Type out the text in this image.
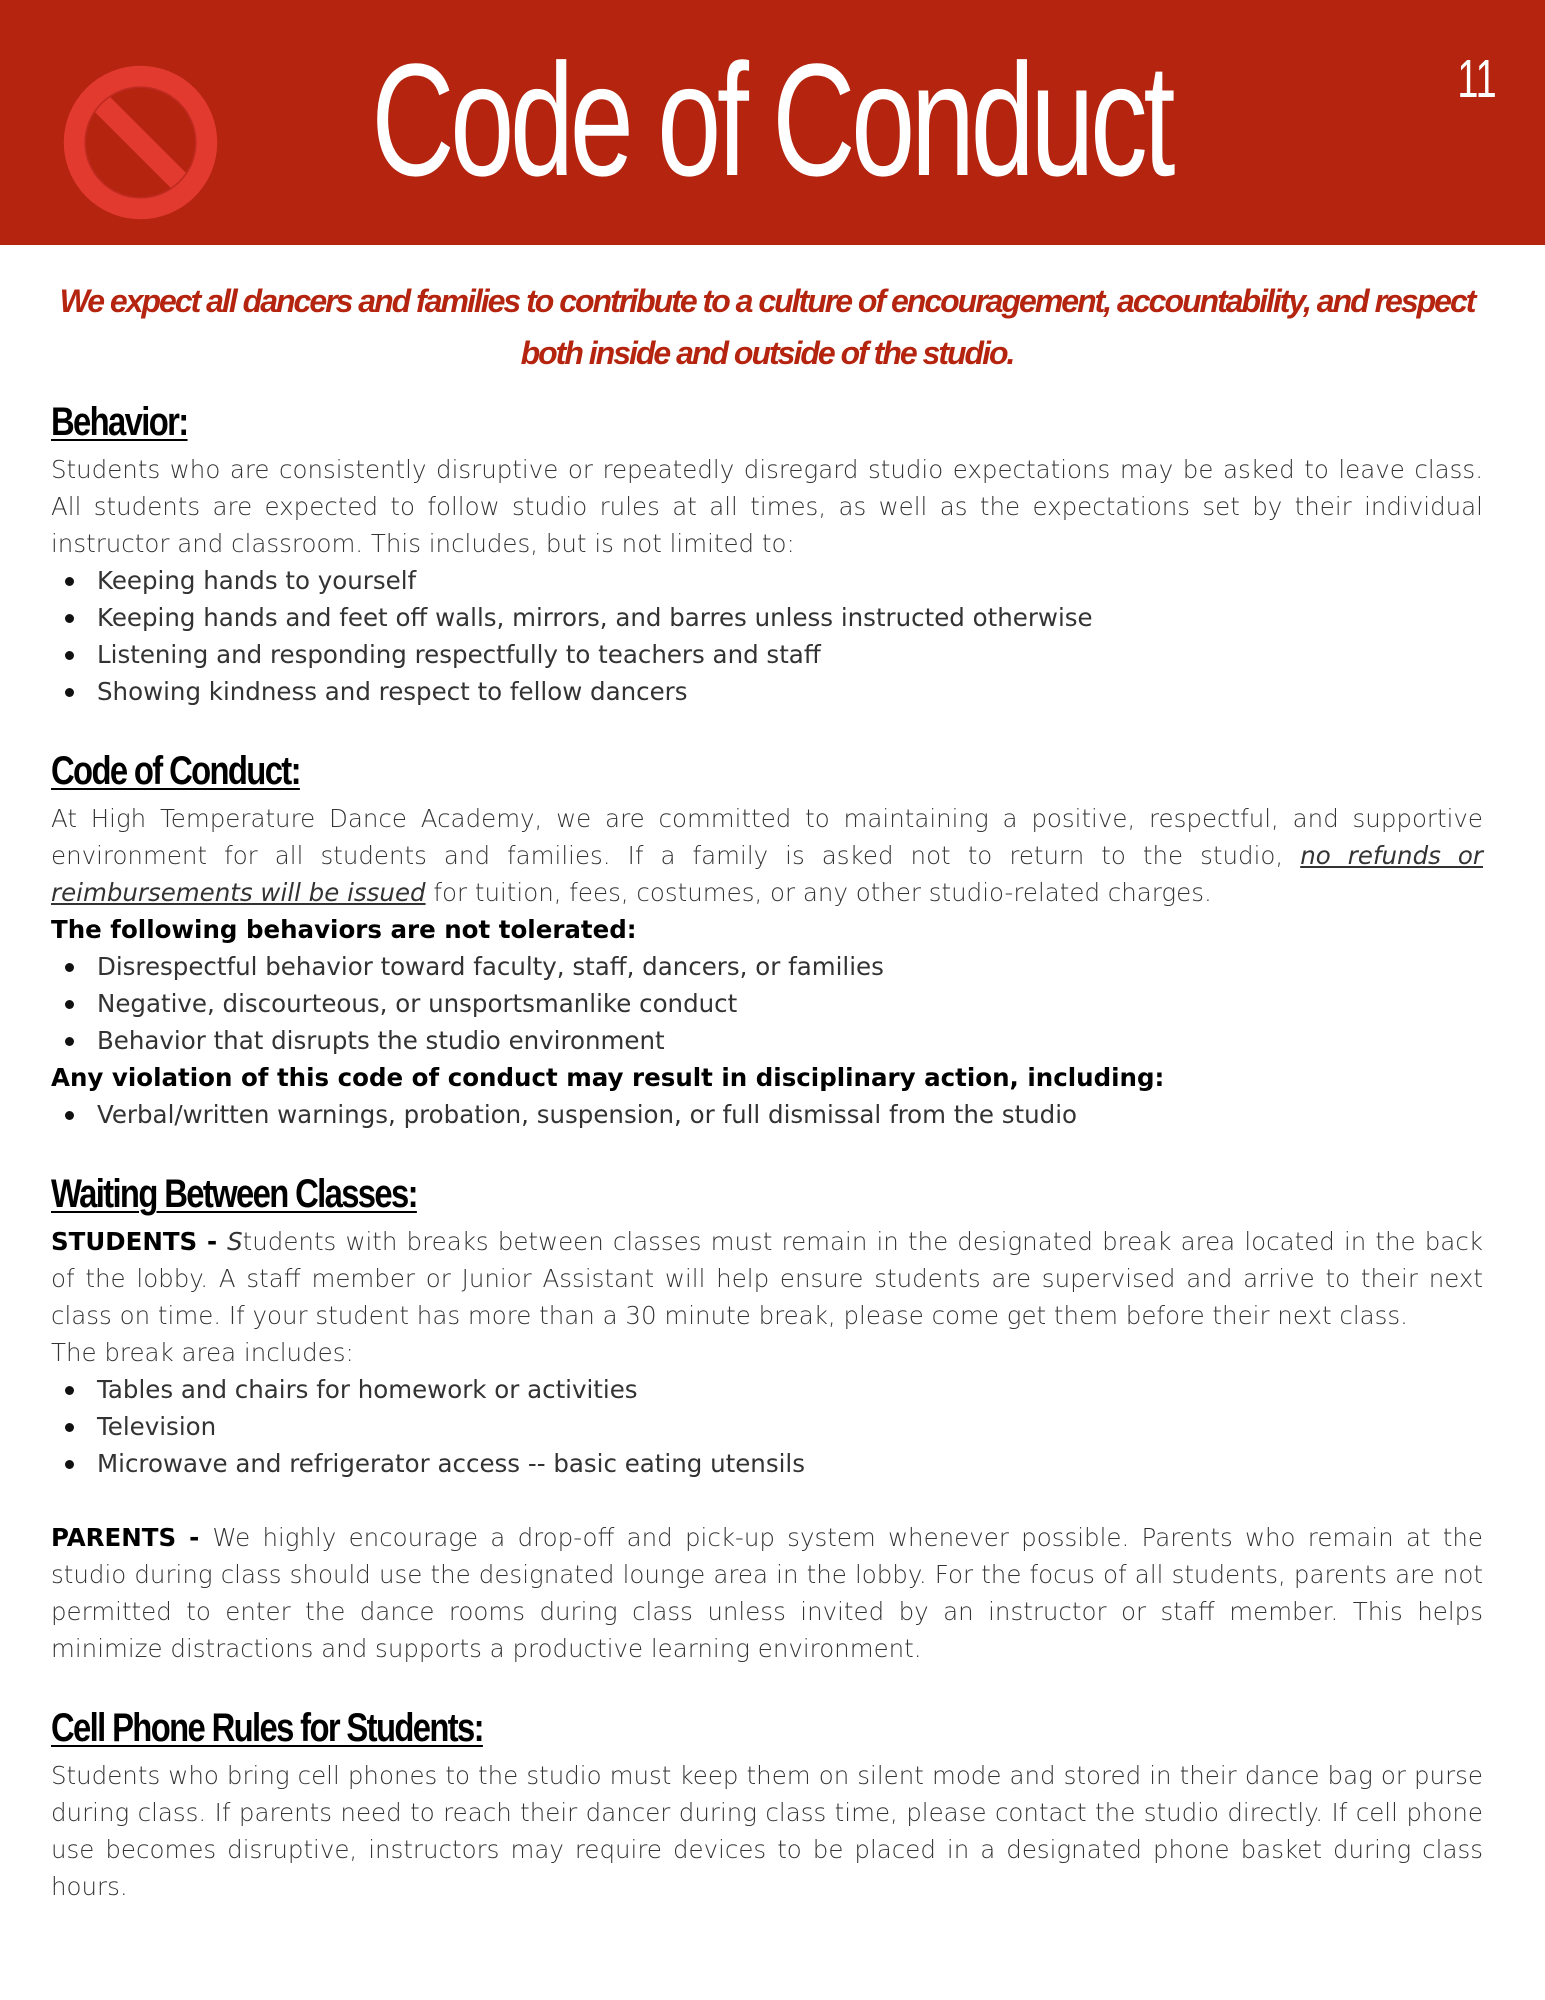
Code of Conduct	11

We expect all dancers and families to contribute to a culture of encouragement, accountability, and respect both inside and outside of the studio.

Behavior:

Students who are consistently disruptive or repeatedly disregard studio expectations may be asked to leave class. All students are expected to follow studio rules at all times, as well as the expectations set by their individual instructor and classroom. This includes, but is not limited to:

Keeping hands to yourself
Keeping hands and feet off walls, mirrors, and barres unless instructed otherwise
Listening and responding respectfully to teachers and staff
Showing kindness and respect to fellow dancers
Code of Conduct:

At High Temperature Dance Academy, we are committed to maintaining a positive, respectful, and supportive environment for all students and families. If a family is asked not to return to the studio, no refunds or reimbursements will be issued for tuition, fees, costumes, or any other studio-related charges.

The following behaviors are not tolerated:

Disrespectful behavior toward faculty, staff, dancers, or families
Negative, discourteous, or unsportsmanlike conduct
Behavior that disrupts the studio environment

Any violation of this code of conduct may result in disciplinary action, including:

Verbal/written warnings, probation, suspension, or full dismissal from the studio
Waiting Between Classes:

STUDENTS - Students with breaks between classes must remain in the designated break area located in the back of the lobby. A staff member or Junior Assistant will help ensure students are supervised and arrive to their next class on time. If your student has more than a 30 minute break, please come get them before their next class.

The break area includes:

Tables and chairs for homework or activities
Television
Microwave and refrigerator access -- basic eating utensils

PARENTS - We highly encourage a drop-off and pick-up system whenever possible. Parents who remain at the studio during class should use the designated lounge area in the lobby. For the focus of all students, parents are not permitted to enter the dance rooms during class unless invited by an instructor or staff member. This helps minimize distractions and supports a productive learning environment.

Cell Phone Rules for Students:

Students who bring cell phones to the studio must keep them on silent mode and stored in their dance bag or purse during class. If parents need to reach their dancer during class time, please contact the studio directly. If cell phone use becomes disruptive, instructors may require devices to be placed in a designated phone basket during class hours.
